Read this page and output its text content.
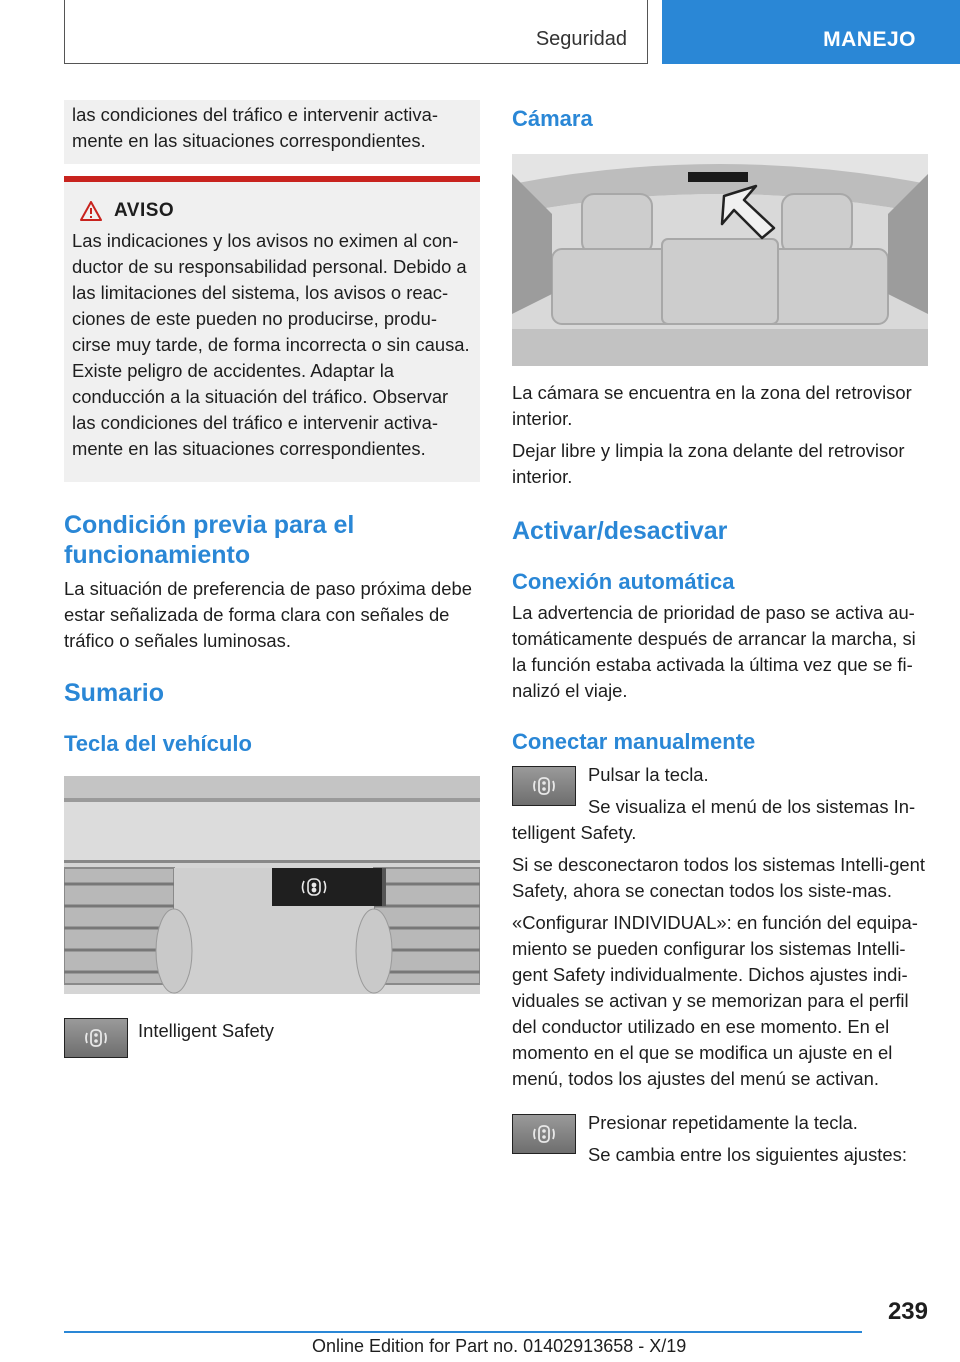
Seguridad	MANEJO

las condiciones del tráfico e intervenir activa-mente en las situaciones correspondientes.

AVISO

Las indicaciones y los avisos no eximen al con-ductor de su responsabilidad personal. Debido a las limitaciones del sistema, los avisos o reac-ciones de este pueden no producirse, produ-cirse muy tarde, de forma incorrecta o sin causa. Existe peligro de accidentes. Adaptar la conducción a la situación del tráfico. Observar las condiciones del tráfico e intervenir activa-mente en las situaciones correspondientes.

Condición previa para el funcionamiento

La situación de preferencia de paso próxima debe estar señalizada de forma clara con señales de tráfico o señales luminosas.

Sumario
Tecla del vehículo

Intelligent Safety

Cámara

La cámara se encuentra en la zona del retrovisor interior.

Dejar libre y limpia la zona delante del retrovisor interior.

Activar/desactivar
Conexión automática

La advertencia de prioridad de paso se activa au-tomáticamente después de arrancar la marcha, si la función estaba activada la última vez que se fi-nalizó el viaje.

Conectar manualmente

Pulsar la tecla.

Se visualiza el menú de los sistemas In-telligent Safety.

Si se desconectaron todos los sistemas Intelli-gent Safety, ahora se conectan todos los siste-mas.

«Configurar INDIVIDUAL»: en función del equipa-miento se pueden configurar los sistemas Intelli-gent Safety individualmente. Dichos ajustes indi-viduales se activan y se memorizan para el perfil del conductor utilizado en ese momento. En el momento en el que se modifica un ajuste en el menú, todos los ajustes del menú se activan.

Presionar repetidamente la tecla.

Se cambia entre los siguientes ajustes:

239
Online Edition for Part no. 01402913658 - X/19
